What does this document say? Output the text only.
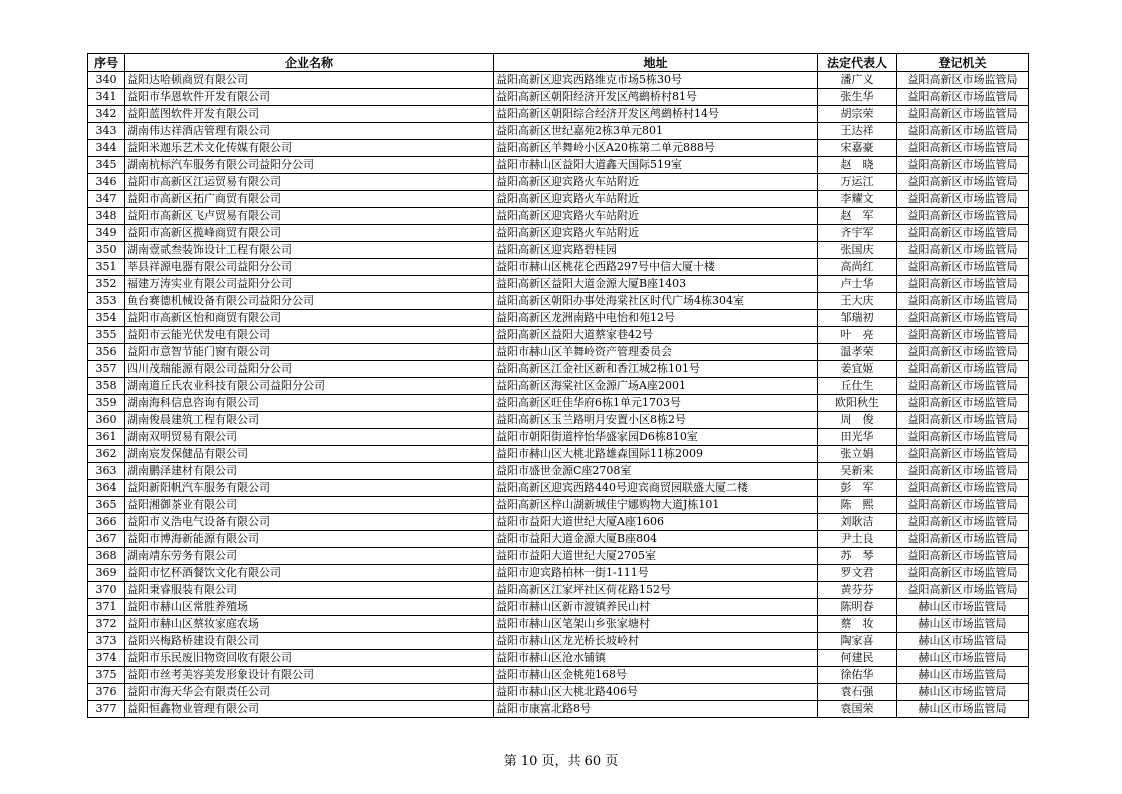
序号	企业名称	地址	法定代表人	登记机关
340	益阳达哈顿商贸有限公司	益阳高新区迎宾西路维克市场5栋30号	潘广义	益阳高新区市场监管局
341	益阳市华恩软件开发有限公司	益阳高新区朝阳经济开发区鸬鹚桥村81号	张生华	益阳高新区市场监管局
342	益阳蓝图软件开发有限公司	益阳高新区朝阳综合经济开发区鸬鹚桥村14号	胡宗荣	益阳高新区市场监管局
343	湖南伟达祥酒店管理有限公司	益阳高新区世纪嘉苑2栋3单元801	王达祥	益阳高新区市场监管局
344	益阳米迦乐艺术文化传媒有限公司	益阳高新区羊舞岭小区A20栋第二单元888号	宋嘉豪	益阳高新区市场监管局
345	湖南杭标汽车服务有限公司益阳分公司	益阳市赫山区益阳大道鑫天国际519室	赵　晓	益阳高新区市场监管局
346	益阳市高新区江运贸易有限公司	益阳高新区迎宾路火车站附近	万运江	益阳高新区市场监管局
347	益阳市高新区拓广商贸有限公司	益阳高新区迎宾路火车站附近	李耀文	益阳高新区市场监管局
348	益阳市高新区飞卢贸易有限公司	益阳高新区迎宾路火车站附近	赵　军	益阳高新区市场监管局
349	益阳市高新区揽峰商贸有限公司	益阳高新区迎宾路火车站附近	齐宇军	益阳高新区市场监管局
350	湖南壹贰叁装饰设计工程有限公司	益阳高新区迎宾路碧桂园	张国庆	益阳高新区市场监管局
351	莘县祥源电器有限公司益阳分公司	益阳市赫山区桃花仑西路297号中信大厦十楼	高尚红	益阳高新区市场监管局
352	福建万涛实业有限公司益阳分公司	益阳高新区益阳大道金源大厦B座1403	卢士华	益阳高新区市场监管局
353	鱼台赛德机械设备有限公司益阳分公司	益阳高新区朝阳办事处海棠社区时代广场4栋304室	王大庆	益阳高新区市场监管局
354	益阳市高新区怡和商贸有限公司	益阳高新区龙洲南路中电怡和苑12号	邹瑞初	益阳高新区市场监管局
355	益阳市云能光伏发电有限公司	益阳高新区益阳大道蔡家巷42号	叶　亮	益阳高新区市场监管局
356	益阳市意智节能门窗有限公司	益阳市赫山区羊舞岭资产管理委员会	温孝荣	益阳高新区市场监管局
357	四川茂瑞能源有限公司益阳分公司	益阳高新区江金社区新和香江城2栋101号	姜宜姬	益阳高新区市场监管局
358	湖南道丘氏农业科技有限公司益阳分公司	益阳高新区海棠社区金源广场A座2001	丘仕生	益阳高新区市场监管局
359	湖南海科信息咨询有限公司	益阳高新区旺佳华府6栋1单元1703号	欧阳秋生	益阳高新区市场监管局
360	湖南俊晨建筑工程有限公司	益阳高新区玉兰路明月安置小区8栋2号	周　俊	益阳高新区市场监管局
361	湖南双明贸易有限公司	益阳市朝阳街道梓怡华盛家园D6栋810室	田光华	益阳高新区市场监管局
362	湖南宸发保健品有限公司	益阳市赫山区大桃北路雄森国际11栋2009	张立娟	益阳高新区市场监管局
363	湖南鹏泽建材有限公司	益阳市盛世金源C座2708室	吴新来	益阳高新区市场监管局
364	益阳新阳帆汽车服务有限公司	益阳高新区迎宾西路440号迎宾商贸园联盛大厦二楼	彭　军	益阳高新区市场监管局
365	益阳湘御茶业有限公司	益阳高新区梓山湖新城佳宁娜购物大道J栋101	陈　熙	益阳高新区市场监管局
366	益阳市义浩电气设备有限公司	益阳市益阳大道世纪大厦A座1606	刘耿洁	益阳高新区市场监管局
367	益阳市博海新能源有限公司	益阳市益阳大道金源大厦B座804	尹土良	益阳高新区市场监管局
368	湖南靖东劳务有限公司	益阳市益阳大道世纪大厦2705室	苏　琴	益阳高新区市场监管局
369	益阳市忆杯酒餐饮文化有限公司	益阳市迎宾路柏林一街1-111号	罗文君	益阳高新区市场监管局
370	益阳秉睿服装有限公司	益阳高新区江家坪社区荷花路152号	黄芬芬	益阳高新区市场监管局
371	益阳市赫山区常胜养殖场	益阳市赫山区新市渡镇养民山村	陈明春	赫山区市场监管局
372	益阳市赫山区蔡妆家庭农场	益阳市赫山区笔架山乡张家塘村	蔡　妆	赫山区市场监管局
373	益阳兴梅路桥建设有限公司	益阳市赫山区龙光桥长坡岭村	陶家喜	赫山区市场监管局
374	益阳市乐民废旧物资回收有限公司	益阳市赫山区沧水铺镇	何建民	赫山区市场监管局
375	益阳市丝考美容美发形象设计有限公司	益阳市赫山区金桃苑168号	徐佑华	赫山区市场监管局
376	益阳市海天华会有限责任公司	益阳市赫山区大桃北路406号	袁石强	赫山区市场监管局
377	益阳恒鑫物业管理有限公司	益阳市康富北路8号	袁国荣	赫山区市场监管局
第 10 页，共 60 页
